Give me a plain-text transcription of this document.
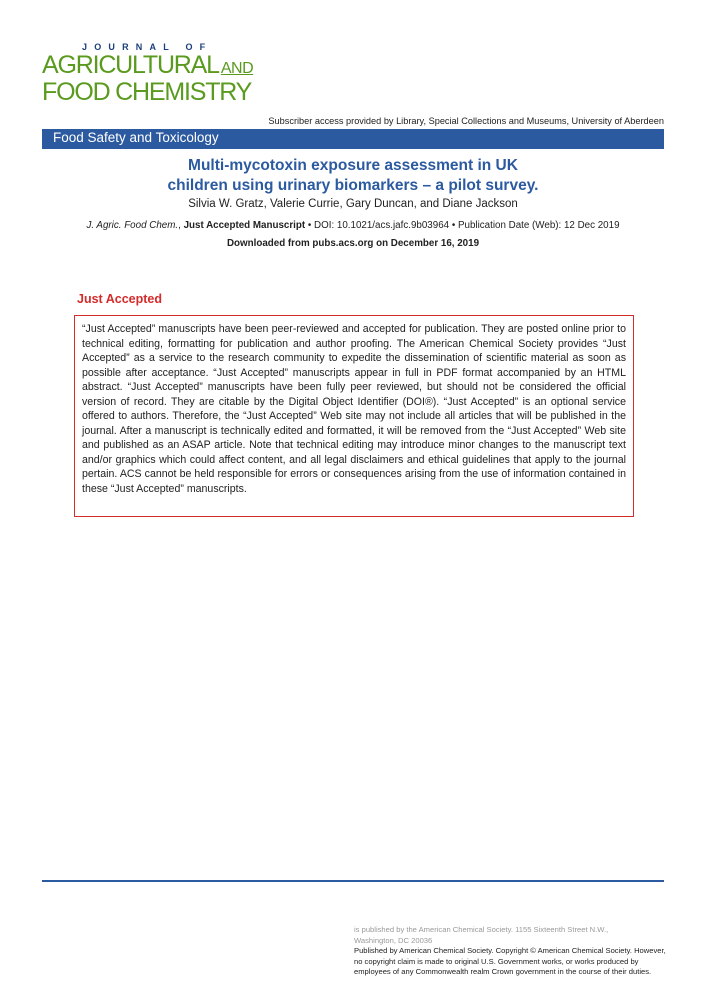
JOURNAL OF
AGRICULTURAL AND
FOOD CHEMISTRY
Subscriber access provided by Library, Special Collections and Museums, University of Aberdeen
Food Safety and Toxicology
Multi-mycotoxin exposure assessment in UK
children using urinary biomarkers – a pilot survey.
Silvia W. Gratz, Valerie Currie, Gary Duncan, and Diane Jackson
J. Agric. Food Chem., Just Accepted Manuscript • DOI: 10.1021/acs.jafc.9b03964 • Publication Date (Web): 12 Dec 2019
Downloaded from pubs.acs.org on December 16, 2019
Just Accepted

“Just Accepted” manuscripts have been peer-reviewed and accepted for publication. They are posted online prior to technical editing, formatting for publication and author proofing. The American Chemical Society provides “Just Accepted” as a service to the research community to expedite the dissemination of scientific material as soon as possible after acceptance. “Just Accepted” manuscripts appear in full in PDF format accompanied by an HTML abstract. “Just Accepted” manuscripts have been fully peer reviewed, but should not be considered the official version of record. They are citable by the Digital Object Identifier (DOI®). “Just Accepted” is an optional service offered to authors. Therefore, the “Just Accepted” Web site may not include all articles that will be published in the journal. After a manuscript is technically edited and formatted, it will be removed from the “Just Accepted” Web site and published as an ASAP article. Note that technical editing may introduce minor changes to the manuscript text and/or graphics which could affect content, and all legal disclaimers and ethical guidelines that apply to the journal pertain. ACS cannot be held responsible for errors or consequences arising from the use of information contained in these “Just Accepted” manuscripts.

is published by the American Chemical Society. 1155 Sixteenth Street N.W.,
Washington, DC 20036
Published by American Chemical Society. Copyright © American Chemical Society. However, no copyright claim is made to original U.S. Government works, or works produced by employees of any Commonwealth realm Crown government in the course of their duties.
